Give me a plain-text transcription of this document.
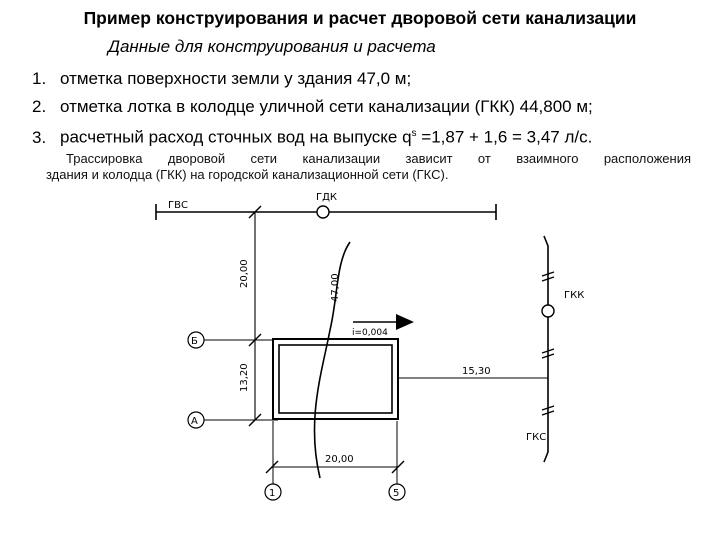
Пример конструирования и расчет дворовой сети канализации
Данные для конструирования и расчета
1. отметка поверхности земли у здания 47,0 м;
2. отметка лотка в колодце уличной сети канализации (ГКК) 44,800 м;
3. расчетный расход сточных вод на выпуске $q^s =1,87 + 1,6 = 3,47$ л/с.
Трассировка дворовой сети канализации зависит от взаимного расположения
здания и колодца (ГКК) на городской канализационной сети (ГКС).
ГВС
ГДК
20,00
13,20
Б
А
47,00
i=0,004
15,30
ГКС
ГКК
20,00
1	5
